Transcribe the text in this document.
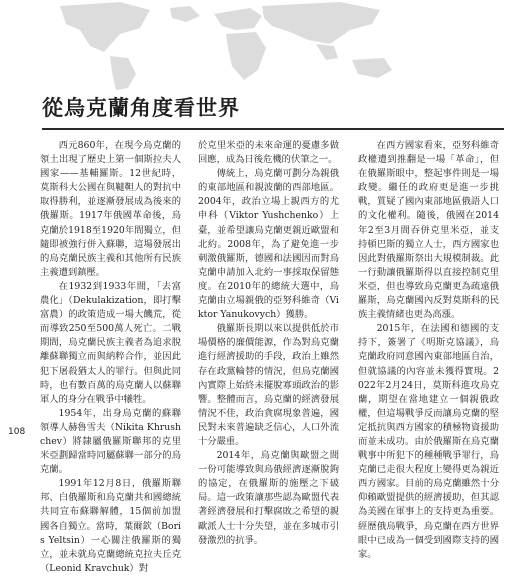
從烏克蘭角度看世界

西元860年，在現今烏克蘭的領土出現了歷史上第一個斯拉夫人國家——基輔羅斯。12世紀時，莫斯科大公國在與韃靼人的對抗中取得勝利，並逐漸發展成為後來的俄羅斯。1917年俄國革命後，烏克蘭於1918至1920年間獨立，但隨即被強行併入蘇聯，這場發展出的烏克蘭民族主義和其他所有民族主義遭到鎮壓。

在1932到1933年間，「去富農化」（Dekulakization，即打擊富農）的政策造成一場大饑荒，從而導致250至500萬人死亡。二戰期間，烏克蘭民族主義者為追求脫離蘇聯獨立而與納粹合作，並因此犯下屠殺猶太人的罪行。但與此同時，也有數百萬的烏克蘭人以蘇聯軍人的身分在戰爭中犧牲。

1954年，出身烏克蘭的蘇聯領導人赫魯雪夫（Nikita Khrushchev）將隸屬俄羅斯聯邦的克里米亞劃歸當時同屬蘇聯一部分的烏克蘭。

1991年12月8日，俄羅斯聯邦、白俄羅斯和烏克蘭共和國總統共同宣布蘇聯解體，15個前加盟國各自獨立。當時，葉爾欽（Boris Yeltsin）一心關注俄羅斯的獨立，並未就烏克蘭總統克拉夫丘克（Leonid Kravchuk）對

於克里米亞的未來命運的憂慮多做回應，成為日後危機的伏筆之一。

傳統上，烏克蘭可劃分為親俄的東部地區和親波蘭的西部地區。2004年，政治立場上親西方的尤申科（Viktor Yushchenko）上臺，並希望讓烏克蘭更親近歐盟和北約。2008年，為了避免進一步刺激俄羅斯，德國和法國因而對烏克蘭申請加入北約一事採取保留態度。在2010年的總統大選中，烏克蘭由立場親俄的亞努科維奇（Viktor Yanukovych）獲勝。

俄羅斯長期以來以提供低於市場價格的廉價能源，作為對烏克蘭進行經濟援助的手段，政治上雖然存在政黨輪替的情況，但烏克蘭國內實際上始終未擺脫寡頭政治的影響。整體而言，烏克蘭的經濟發展情況不佳，政治貪腐現象普遍，國民對未來普遍缺乏信心，人口外流十分嚴重。

2014年，烏克蘭與歐盟之間一份可能導致與烏俄經濟逐漸脫鉤的協定，在俄羅斯的施壓之下破局。這一政策讓那些認為歐盟代表著經濟發展和打擊腐敗之希望的親歐派人士十分失望，並在多城市引發激烈的抗爭。

在西方國家看來，亞努科維奇政權遭到推翻是一場「革命」，但在俄羅斯眼中，整起事件則是一場政變。繼任的政府更是進一步挑戰，質疑了國內東部地區俄語人口的文化權利。隨後，俄國在2014年2至3月間吞併克里米亞，並支持頓巴斯的獨立人士，西方國家也因此對俄羅斯祭出大規模制裁。此一行動讓俄羅斯得以直接控制克里米亞，但也導致烏克蘭更為疏遠俄羅斯，烏克蘭國內反對莫斯科的民族主義情緒也更為高漲。

2015年，在法國和德國的支持下，簽署了《明斯克協議》，烏克蘭政府同意國內東部地區自治，但就協議的內容並未獲得實現。2022年2月24日，莫斯科進攻烏克蘭，期望在當地建立一個親俄政權，但這場戰爭反而讓烏克蘭的堅定抵抗與西方國家的積極物資援助而並未成功。由於俄羅斯在烏克蘭戰事中所犯下的種種戰爭罪行，烏克蘭已走很大程度上變得更為親近西方國家。目前的烏克蘭雖然十分仰賴歐盟提供的經濟援助，但其認為美國在軍事上的支持更為重要。經歷俄烏戰爭，烏克蘭在西方世界眼中已成為一個受到國際支持的國家。

108
